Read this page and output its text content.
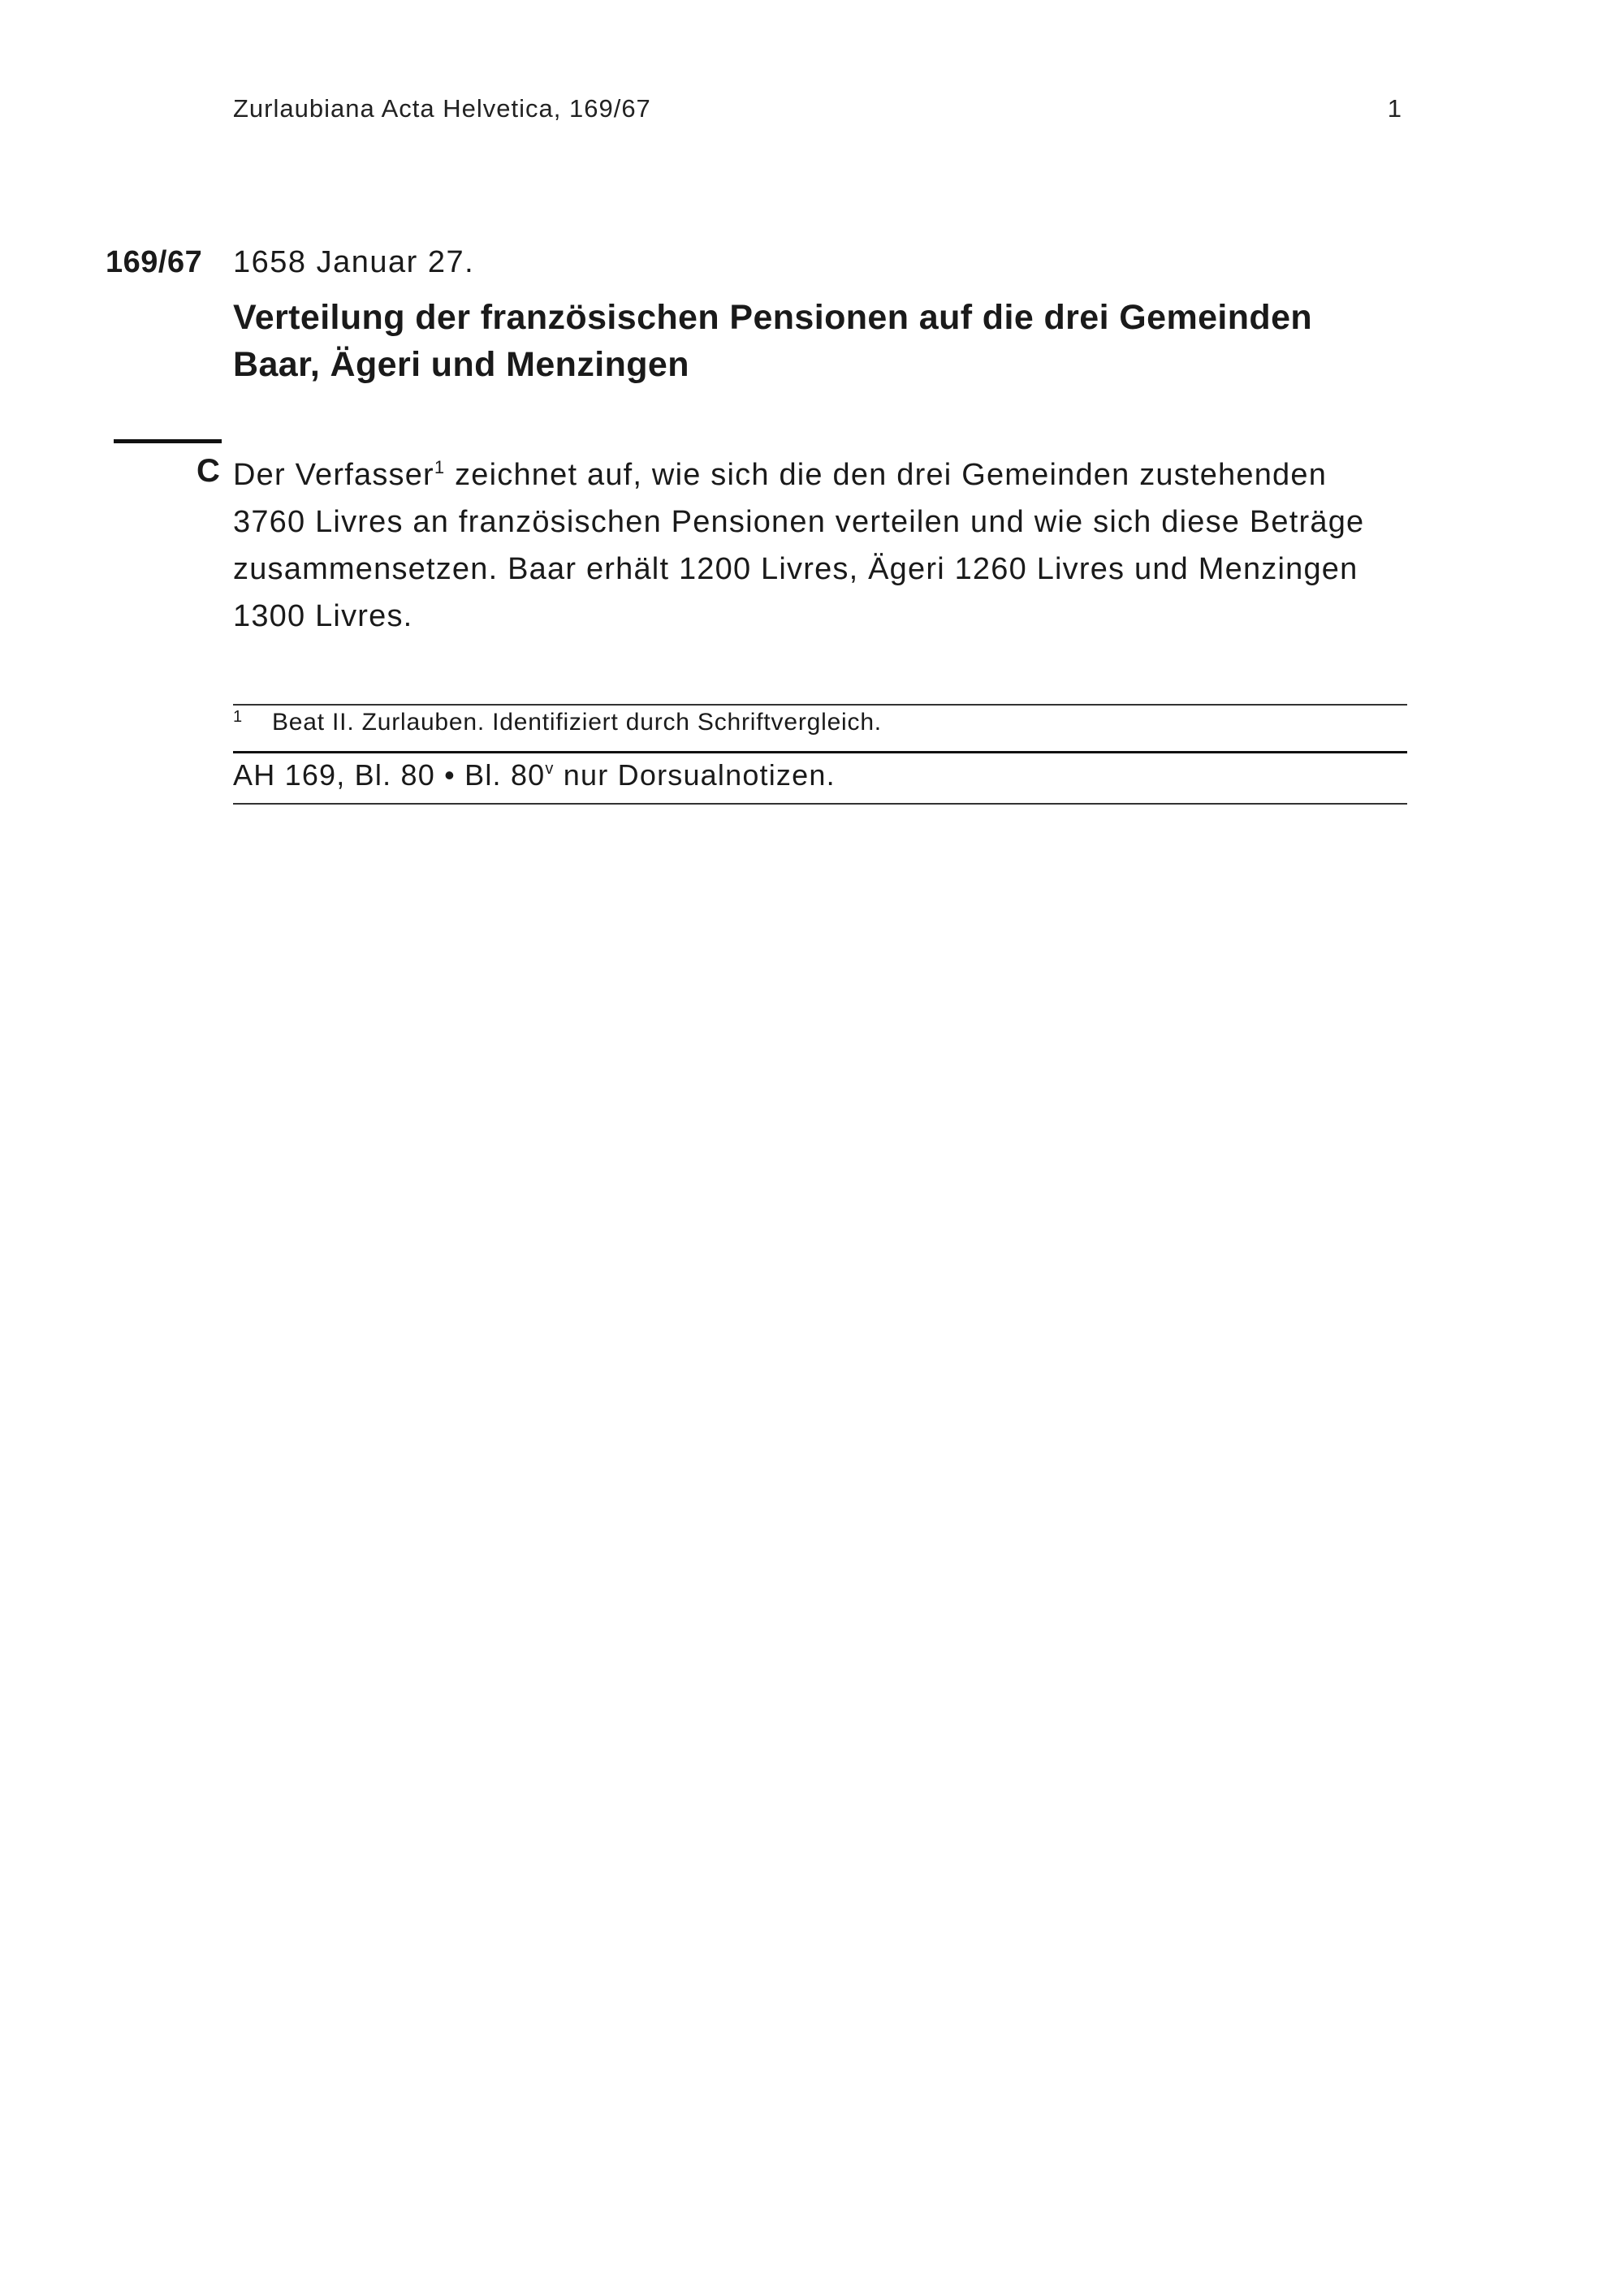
Zurlaubiana Acta Helvetica, 169/67	1
169/67 1658 Januar 27.
Verteilung der französischen Pensionen auf die drei Gemeinden
Baar, Ägeri und Menzingen
C Der Verfasser$^1$ zeichnet auf, wie sich die den drei Gemeinden zustehenden 3760 Livres an französischen Pensionen verteilen und wie sich diese Beträge zusammensetzen. Baar erhält 1200 Livres, Ägeri 1260 Livres und Menzingen 1300 Livres.
1 Beat II. Zurlauben. Identifiziert durch Schriftvergleich.
AH 169, Bl. 80 • Bl. 80$^v$ nur Dorsualnotizen.
